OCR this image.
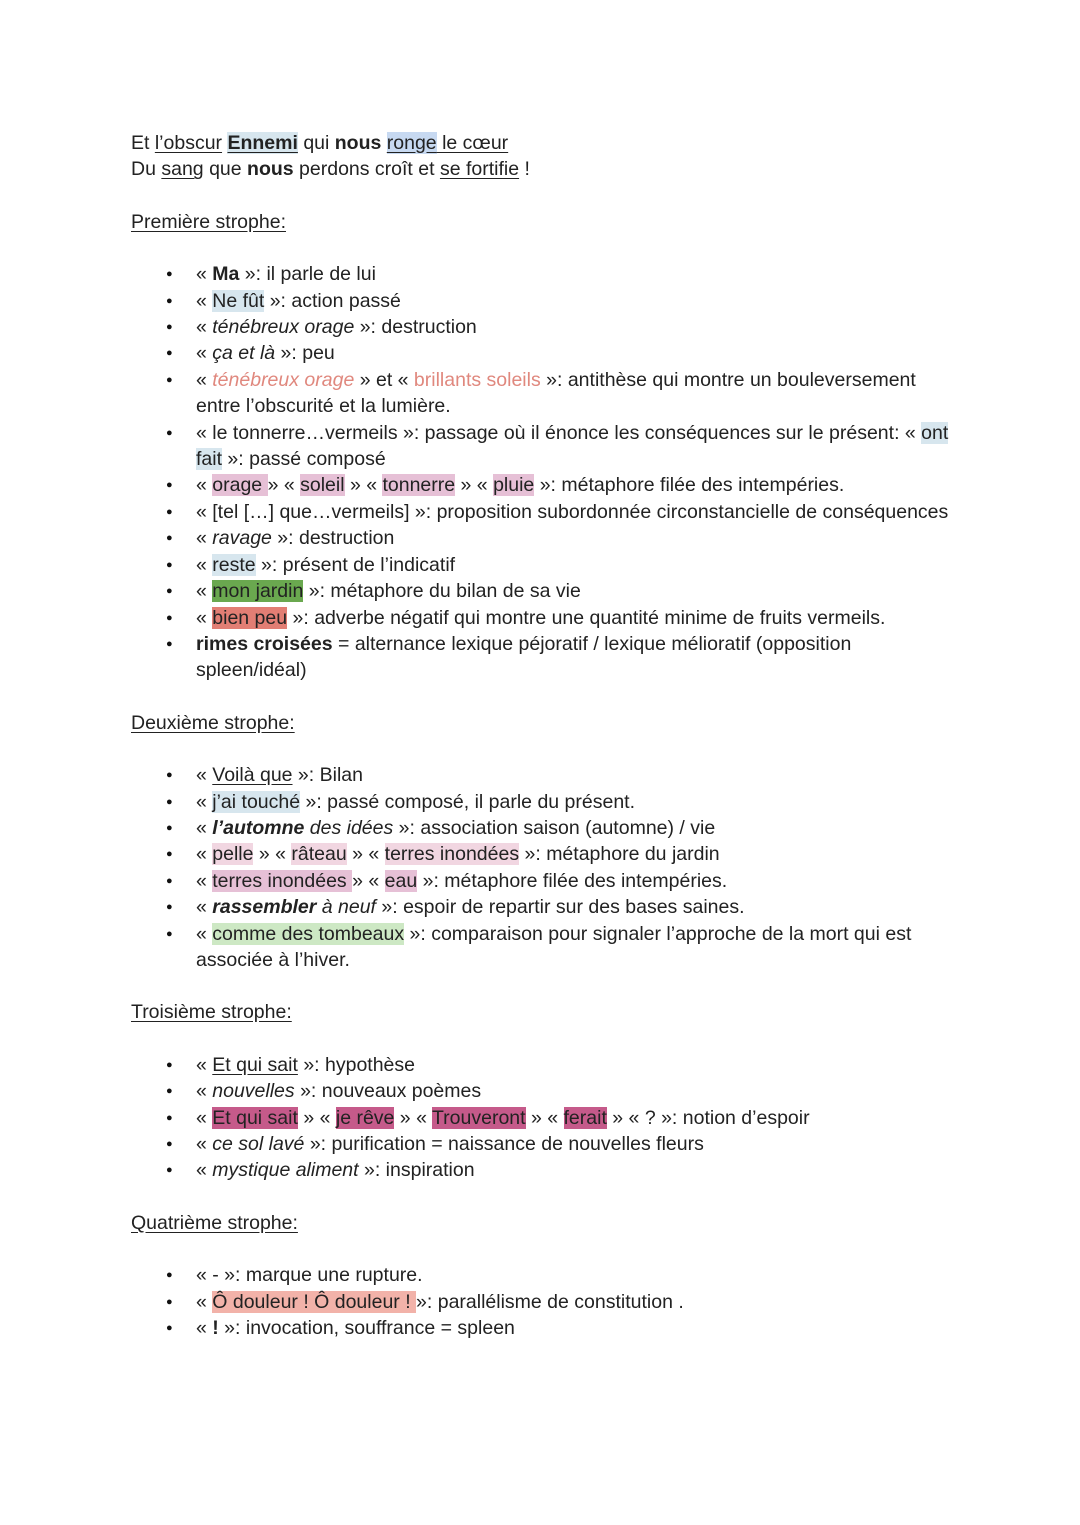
Et l’obscur Ennemi qui nous ronge le cœur

Du sang que nous perdons croît et se fortifie !

Première strophe:
● « Ma »: il parle de lui
● « Ne fût »: action passé
● « ténébreux orage »: destruction
● « ça et là »: peu
● « ténébreux orage » et « brillants soleils »: antithèse qui montre un bouleversement entre l’obscurité et la lumière.
● « le tonnerre…vermeils »: passage où il énonce les conséquences sur le présent: « ont fait »: passé composé
● « orage » « soleil » « tonnerre » « pluie »: métaphore filée des intempéries.
● « [tel […] que…vermeils] »: proposition subordonnée circonstancielle de conséquences
● « ravage »: destruction
● « reste »: présent de l’indicatif
● « mon jardin »: métaphore du bilan de sa vie
● « bien peu »: adverbe négatif qui montre une quantité minime de fruits vermeils.
● rimes croisées = alternance lexique péjoratif / lexique mélioratif (opposition spleen/idéal)
Deuxième strophe:
● « Voilà que »: Bilan
● « j’ai touché »: passé composé, il parle du présent.
● « l’automne des idées »: association saison (automne) / vie
● « pelle » « râteau » « terres inondées »: métaphore du jardin
● « terres inondées » « eau »: métaphore filée des intempéries.
● « rassembler à neuf »: espoir de repartir sur des bases saines.
● « comme des tombeaux »: comparaison pour signaler l’approche de la mort qui est associée à l’hiver.
Troisième strophe:
● « Et qui sait »: hypothèse
● « nouvelles »: nouveaux poèmes
● « Et qui sait » « je rêve » « Trouveront » « ferait » « ? »: notion d’espoir
● « ce sol lavé »: purification = naissance de nouvelles fleurs
● « mystique aliment »: inspiration
Quatrième strophe:
● « - »: marque une rupture.
● « Ô douleur ! Ô douleur ! »: parallélisme de constitution .
● « ! »: invocation, souffrance = spleen
